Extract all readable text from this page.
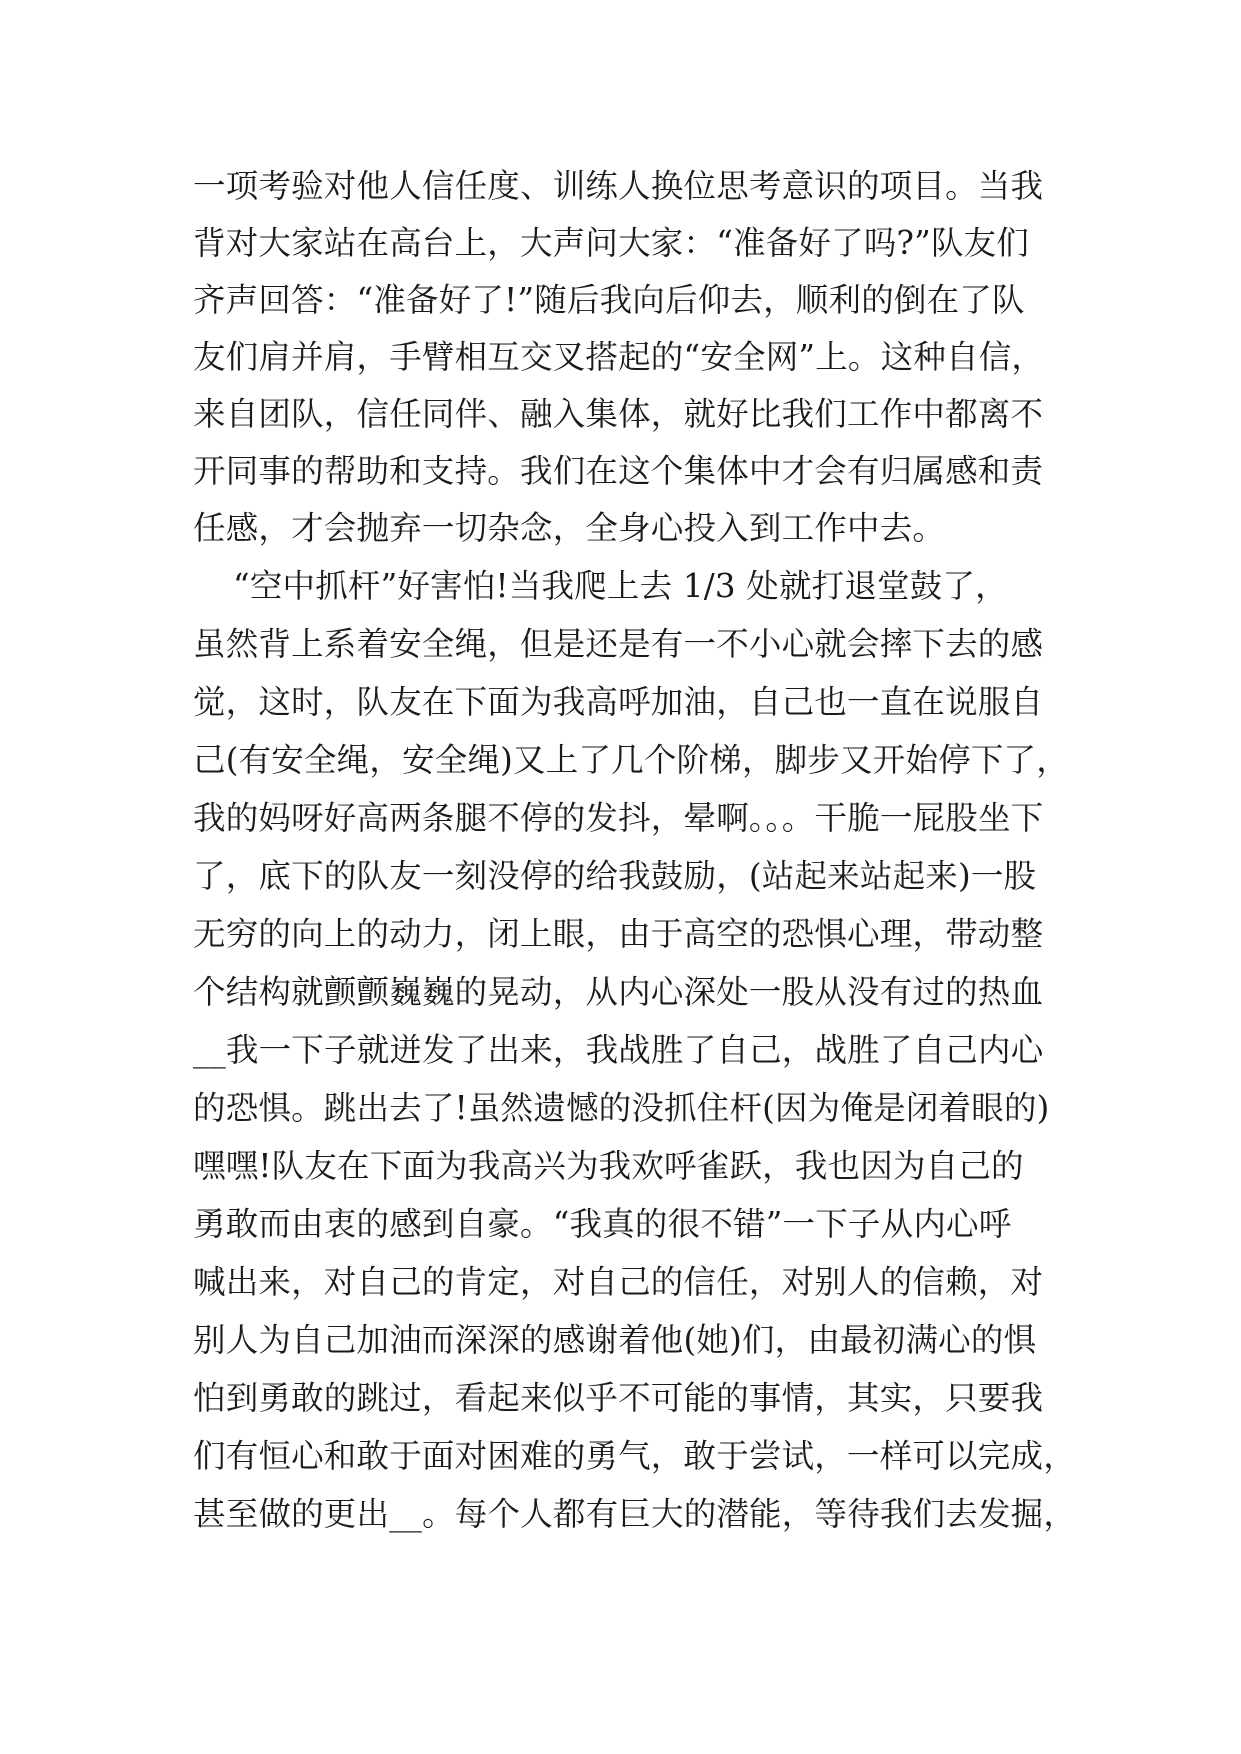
一项考验对他人信任度、训练人换位思考意识的项目。当我
背对大家站在高台上，大声问大家：“准备好了吗?”队友们
齐声回答：“准备好了!”随后我向后仰去，顺利的倒在了队
友们肩并肩，手臂相互交叉搭起的“安全网”上。这种自信，
来自团队，信任同伴、融入集体，就好比我们工作中都离不
开同事的帮助和支持。我们在这个集体中才会有归属感和责
任感，才会抛弃一切杂念，全身心投入到工作中去。
“空中抓杆”好害怕!当我爬上去 1/3 处就打退堂鼓了，
虽然背上系着安全绳，但是还是有一不小心就会摔下去的感
觉，这时，队友在下面为我高呼加油，自己也一直在说服自
己(有安全绳，安全绳)又上了几个阶梯，脚步又开始停下了，
我的妈呀好高两条腿不停的发抖，晕啊。。。干脆一屁股坐下
了，底下的队友一刻没停的给我鼓励，(站起来站起来)一股
无穷的向上的动力，闭上眼，由于高空的恐惧心理，带动整
个结构就颤颤巍巍的晃动，从内心深处一股从没有过的热血
__我一下子就迸发了出来，我战胜了自己，战胜了自己内心
的恐惧。跳出去了!虽然遗憾的没抓住杆(因为俺是闭着眼的)
嘿嘿!队友在下面为我高兴为我欢呼雀跃，我也因为自己的
勇敢而由衷的感到自豪。“我真的很不错”一下子从内心呼
喊出来，对自己的肯定，对自己的信任，对别人的信赖，对
别人为自己加油而深深的感谢着他(她)们，由最初满心的惧
怕到勇敢的跳过，看起来似乎不可能的事情，其实，只要我
们有恒心和敢于面对困难的勇气，敢于尝试，一样可以完成，
甚至做的更出__。每个人都有巨大的潜能，等待我们去发掘，
